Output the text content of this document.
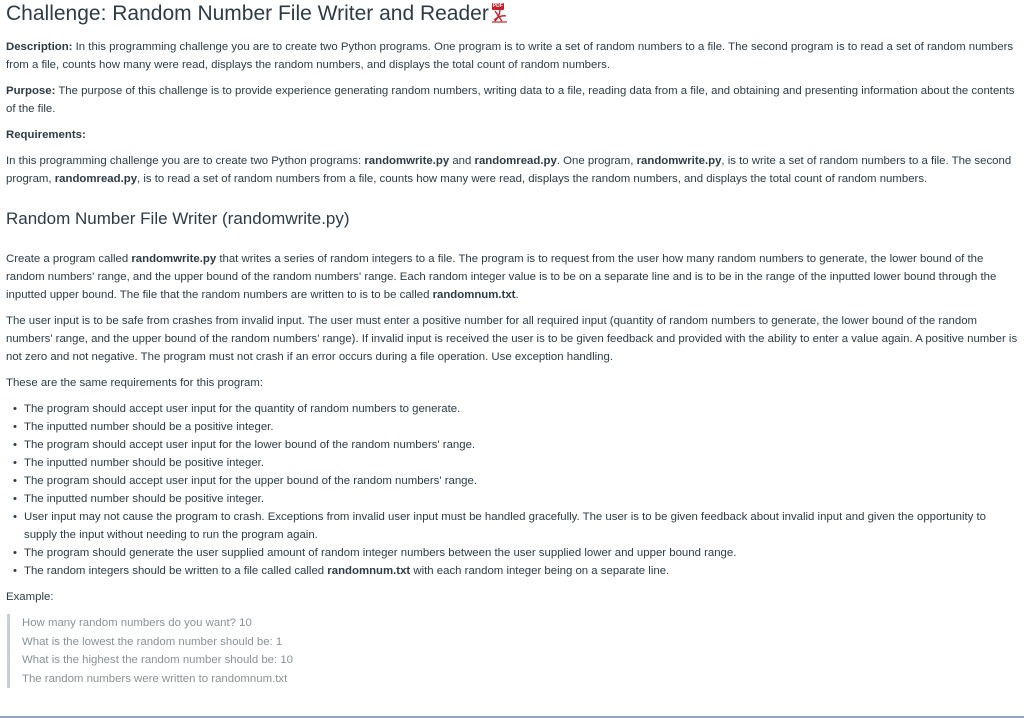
Challenge: Random Number File Writer and Reader PDF

Description: In this programming challenge you are to create two Python programs. One program is to write a set of random numbers to a file. The second program is to read a set of random numbers from a file, counts how many were read, displays the random numbers, and displays the total count of random numbers.

Purpose: The purpose of this challenge is to provide experience generating random numbers, writing data to a file, reading data from a file, and obtaining and presenting information about the contents of the file.

Requirements:

In this programming challenge you are to create two Python programs: randomwrite.py and randomread.py. One program, randomwrite.py, is to write a set of random numbers to a file. The second program, randomread.py, is to read a set of random numbers from a file, counts how many were read, displays the random numbers, and displays the total count of random numbers.

Random Number File Writer (randomwrite.py)

Create a program called randomwrite.py that writes a series of random integers to a file. The program is to request from the user how many random numbers to generate, the lower bound of the random numbers' range, and the upper bound of the random numbers' range. Each random integer value is to be on a separate line and is to be in the range of the inputted lower bound through the inputted upper bound. The file that the random numbers are written to is to be called randomnum.txt.

The user input is to be safe from crashes from invalid input. The user must enter a positive number for all required input (quantity of random numbers to generate, the lower bound of the random numbers' range, and the upper bound of the random numbers' range). If invalid input is received the user is to be given feedback and provided with the ability to enter a value again. A positive number is not zero and not negative. The program must not crash if an error occurs during a file operation. Use exception handling.

These are the same requirements for this program:

• The program should accept user input for the quantity of random numbers to generate.
• The inputted number should be a positive integer.
• The program should accept user input for the lower bound of the random numbers' range.
• The inputted number should be positive integer.
• The program should accept user input for the upper bound of the random numbers' range.
• The inputted number should be positive integer.
• User input may not cause the program to crash. Exceptions from invalid user input must be handled gracefully. The user is to be given feedback about invalid input and given the opportunity to supply the input without needing to run the program again.
• The program should generate the user supplied amount of random integer numbers between the user supplied lower and upper bound range.
• The random integers should be written to a file called called randomnum.txt with each random integer being on a separate line.

Example:

How many random numbers do you want? 10
What is the lowest the random number should be: 1
What is the highest the random number should be: 10
The random numbers were written to randomnum.txt
